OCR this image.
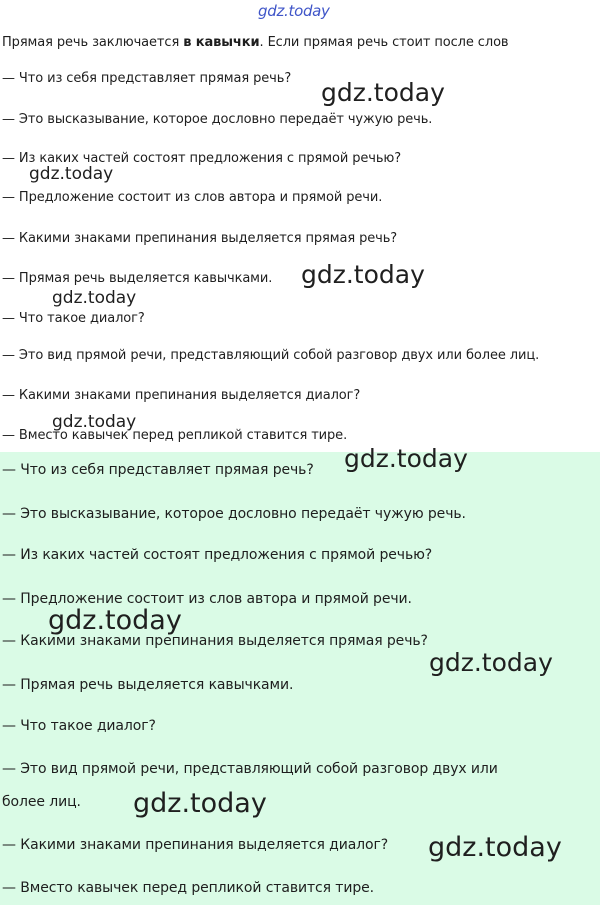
gdz.today
Прямая речь заключается в кавычки. Если прямая речь стоит после слов
— Что из себя представляет прямая речь?
— Это высказывание, которое дословно передаёт чужую речь.
— Из каких частей состоят предложения с прямой речью?
— Предложение состоит из слов автора и прямой речи.
— Какими знаками препинания выделяется прямая речь?
— Прямая речь выделяется кавычками.
— Что такое диалог?
— Это вид прямой речи, представляющий собой разговор двух или более лиц.
— Какими знаками препинания выделяется диалог?
— Вместо кавычек перед репликой ставится тире.
— Что из себя представляет прямая речь?
— Это высказывание, которое дословно передаёт чужую речь.
— Из каких частей состоят предложения с прямой речью?
— Предложение состоит из слов автора и прямой речи.
— Какими знаками препинания выделяется прямая речь?
— Прямая речь выделяется кавычками.
— Что такое диалог?
— Это вид прямой речи, представляющий собой разговор двух или
более лиц.
— Какими знаками препинания выделяется диалог?
— Вместо кавычек перед репликой ставится тире.
gdz.today
gdz.today
gdz.today
gdz.today
gdz.today
gdz.today
gdz.today
gdz.today
gdz.today
gdz.today
